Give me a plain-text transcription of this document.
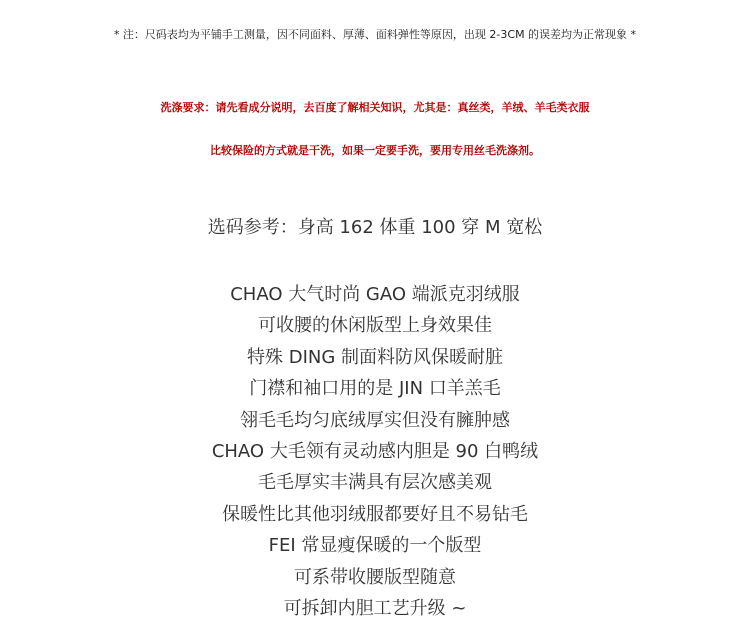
* 注：尺码表均为平铺手工测量，因不同面料、厚薄、面料弹性等原因，出现 2-3CM 的误差均为正常现象 *
洗涤要求：请先看成分说明，去百度了解相关知识，尤其是：真丝类，羊绒、羊毛类衣服
比较保险的方式就是干洗，如果一定要手洗，要用专用丝毛洗涤剂。
选码参考：身高 162 体重 100 穿 M 宽松
CHAO 大气时尚 GAO 端派克羽绒服
可收腰的休闲版型上身效果佳
特殊 DING 制面料防风保暖耐脏
门襟和袖口用的是 JIN 口羊羔毛
翎毛毛均匀底绒厚实但没有臃肿感
CHAO 大毛领有灵动感内胆是 90 白鸭绒
毛毛厚实丰满具有层次感美观
保暖性比其他羽绒服都要好且不易钻毛
FEI 常显瘦保暖的一个版型
可系带收腰版型随意
可拆卸内胆工艺升级 ~
